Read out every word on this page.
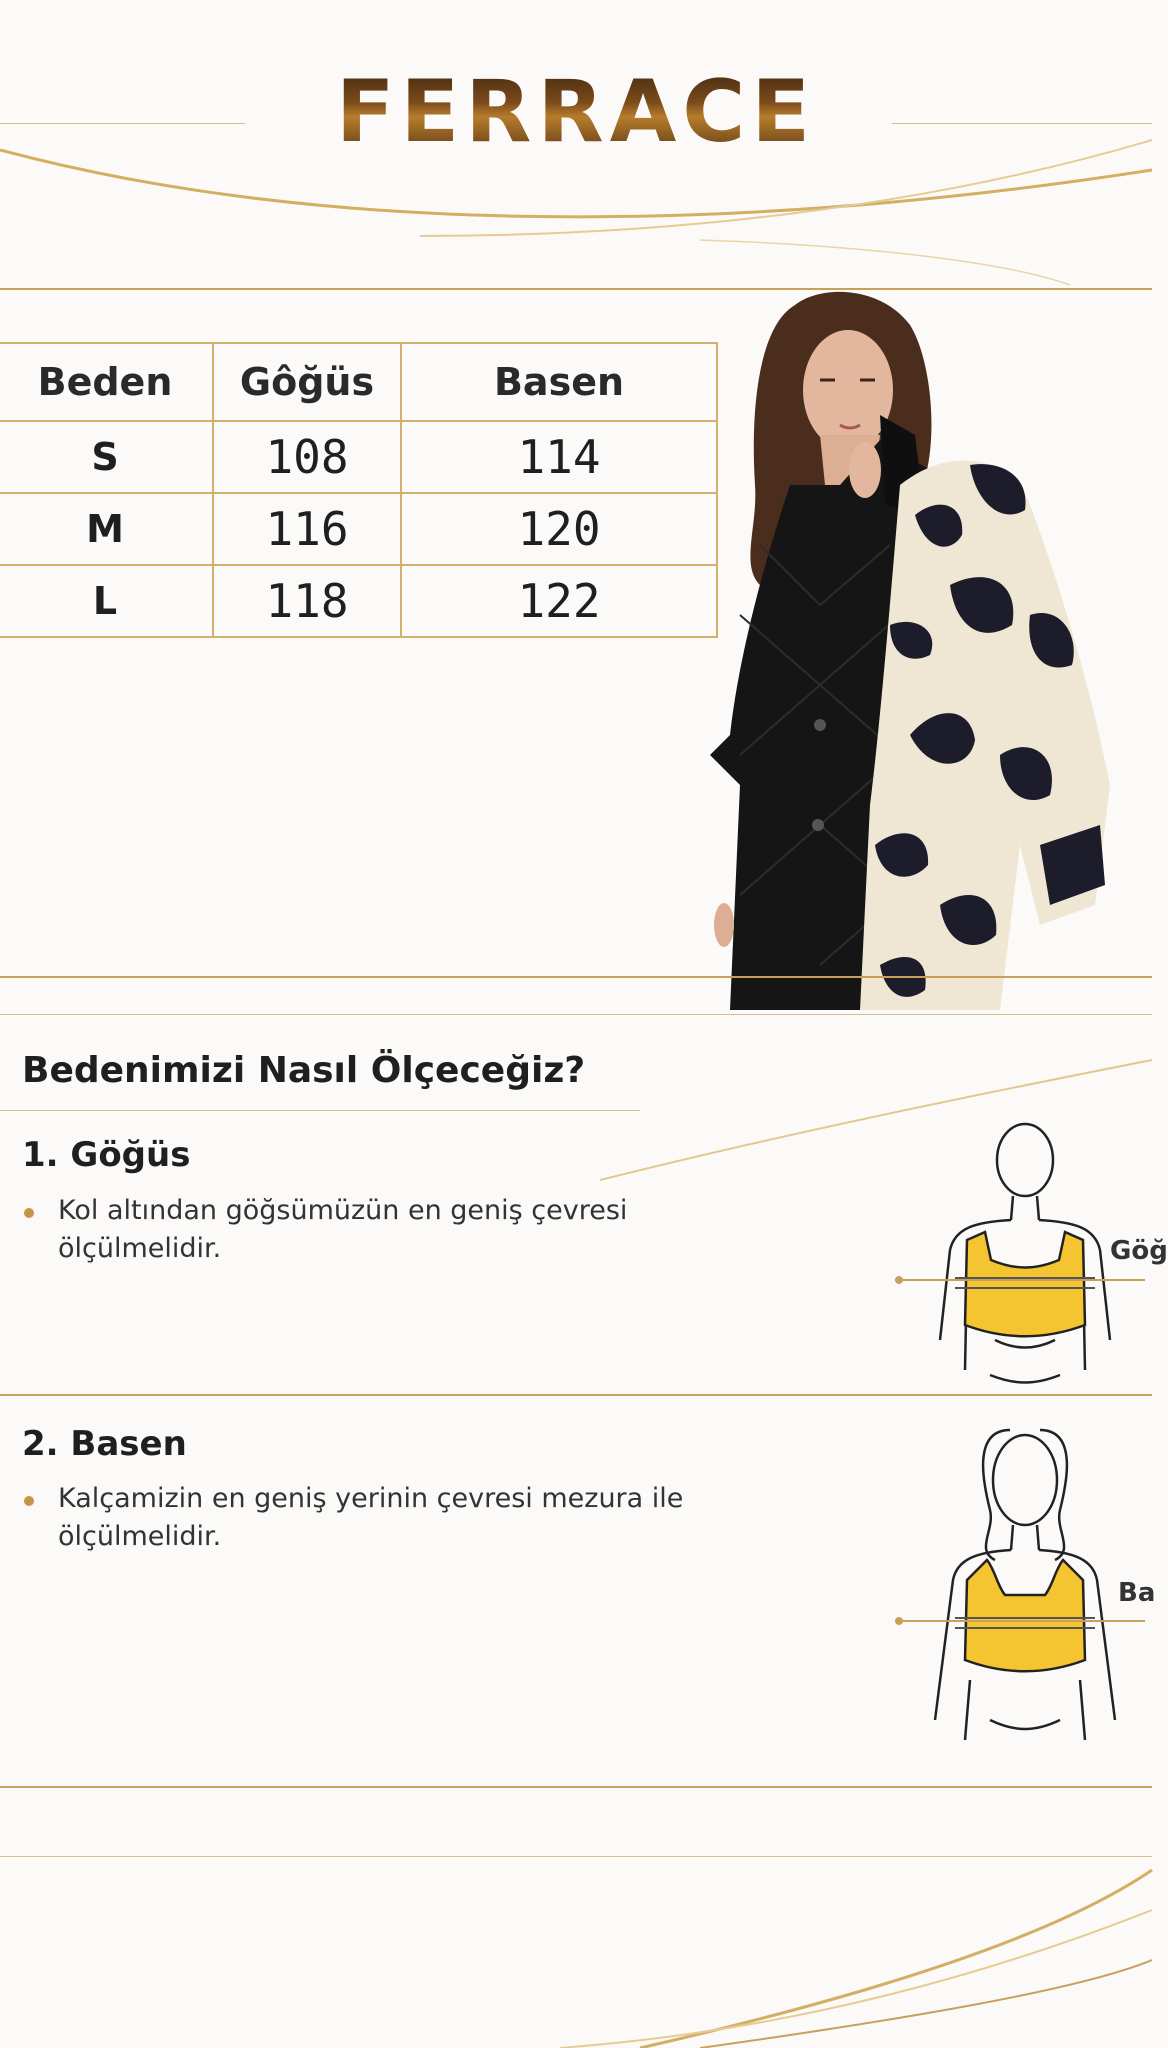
FERRACE
Beden	Gôğüs	Basen
S	108	114
M	116	120
L	118	122
Bedenimizi Nasıl Ölçeceğiz?
1. Göğüs
Kol altından göğsümüzün en geniş çevresi
ölçülmelidir.	Göğ
2. Basen
Kalçamizin en geniş yerinin çevresi mezura ile
ölçülmelidir.
Ba
